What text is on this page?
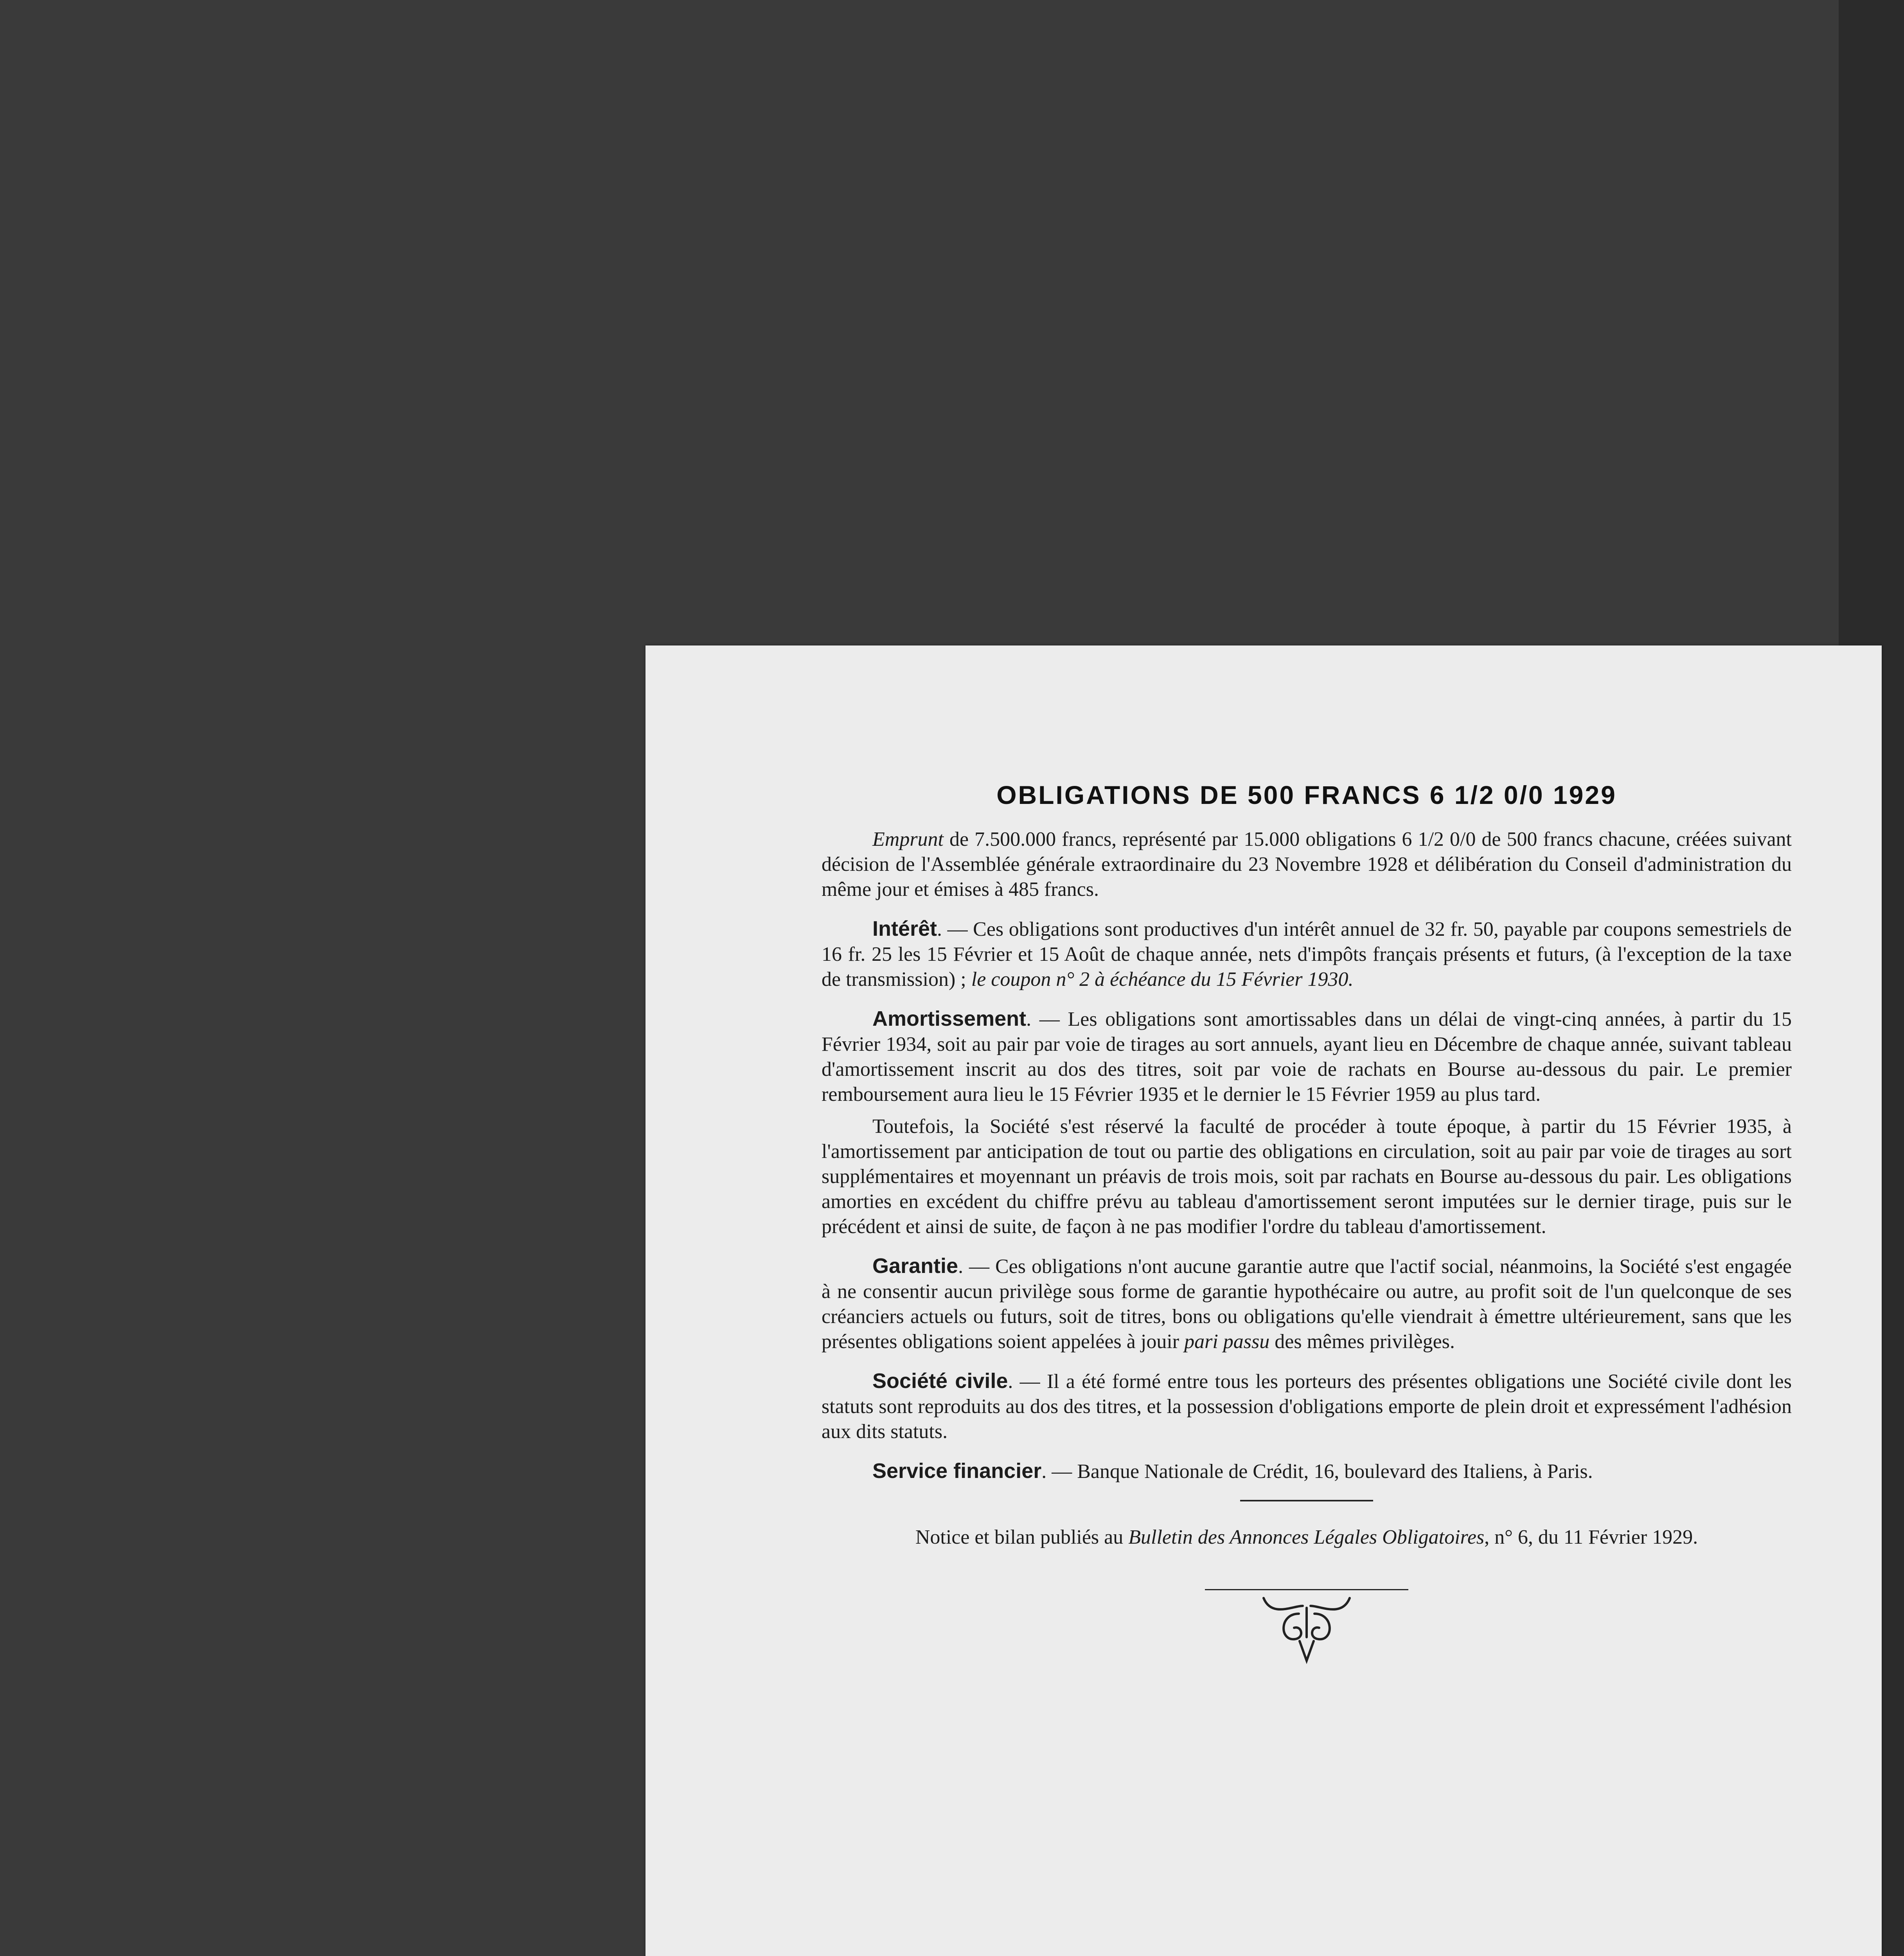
OBLIGATIONS DE 500 FRANCS 6 1/2 0/0 1929

Emprunt de 7.500.000 francs, représenté par 15.000 obligations 6 1/2 0/0 de 500 francs chacune, créées suivant décision de l'Assemblée générale extraordinaire du 23 Novembre 1928 et délibération du Conseil d'administration du même jour et émises à 485 francs.

Intérêt. — Ces obligations sont productives d'un intérêt annuel de 32 fr. 50, payable par coupons semestriels de 16 fr. 25 les 15 Février et 15 Août de chaque année, nets d'impôts français présents et futurs, (à l'exception de la taxe de transmission) ; le coupon n° 2 à échéance du 15 Février 1930.

Amortissement. — Les obligations sont amortissables dans un délai de vingt-cinq années, à partir du 15 Février 1934, soit au pair par voie de tirages au sort annuels, ayant lieu en Décembre de chaque année, suivant tableau d'amortissement inscrit au dos des titres, soit par voie de rachats en Bourse au-dessous du pair. Le premier remboursement aura lieu le 15 Février 1935 et le dernier le 15 Février 1959 au plus tard.

Toutefois, la Société s'est réservé la faculté de procéder à toute époque, à partir du 15 Février 1935, à l'amortissement par anticipation de tout ou partie des obligations en circulation, soit au pair par voie de tirages au sort supplémentaires et moyennant un préavis de trois mois, soit par rachats en Bourse au-dessous du pair. Les obligations amorties en excédent du chiffre prévu au tableau d'amortissement seront imputées sur le dernier tirage, puis sur le précédent et ainsi de suite, de façon à ne pas modifier l'ordre du tableau d'amortissement.

Garantie. — Ces obligations n'ont aucune garantie autre que l'actif social, néanmoins, la Société s'est engagée à ne consentir aucun privilège sous forme de garantie hypothécaire ou autre, au profit soit de l'un quelconque de ses créanciers actuels ou futurs, soit de titres, bons ou obligations qu'elle viendrait à émettre ultérieurement, sans que les présentes obligations soient appelées à jouir pari passu des mêmes privilèges.

Société civile. — Il a été formé entre tous les porteurs des présentes obligations une Société civile dont les statuts sont reproduits au dos des titres, et la possession d'obligations emporte de plein droit et expressément l'adhésion aux dits statuts.

Service financier. — Banque Nationale de Crédit, 16, boulevard des Italiens, à Paris.

Notice et bilan publiés au Bulletin des Annonces Légales Obligatoires, n° 6, du 11 Février 1929.
